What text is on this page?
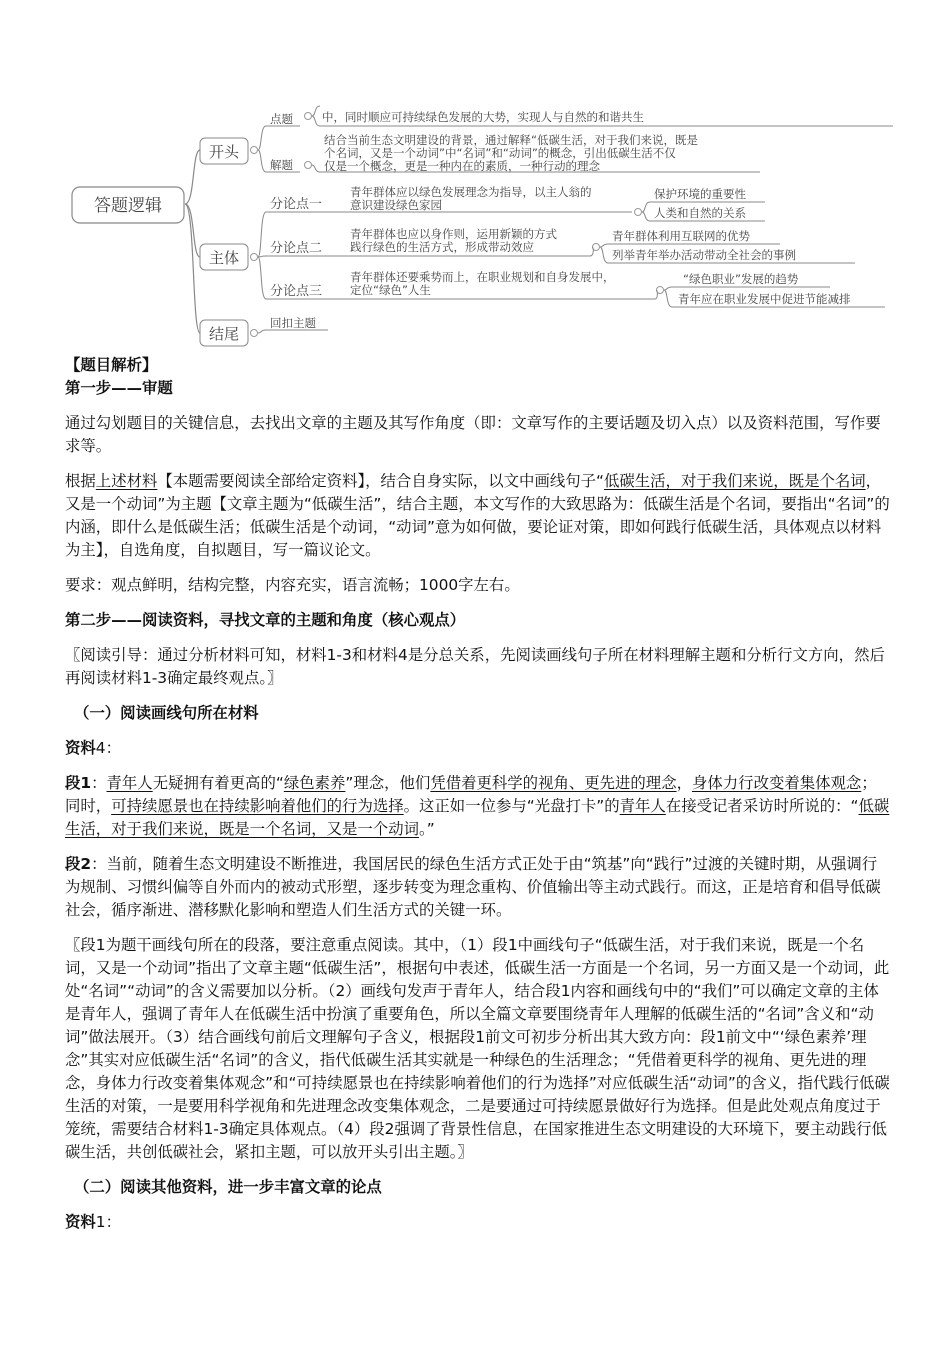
中，同时顺应可持续绿色发展的大势，实现人与自然的和谐共生
答题逻辑
开头
点题
解题
结合当前生态文明建设的背景，通过解释“低碳生活，对于我们来说，既是
个名词，又是一个动词”中“名词”和“动词”的概念，引出低碳生活不仅
仅是一个概念，更是一种内在的素质，一种行动的理念
主体
分论点一
青年群体应以绿色发展理念为指导，以主人翁的
意识建设绿色家园
保护环境的重要性
人类和自然的关系
分论点二
青年群体也应以身作则，运用新颖的方式
践行绿色的生活方式，形成带动效应
青年群体利用互联网的优势
列举青年举办活动带动全社会的事例
分论点三
青年群体还要乘势而上，在职业规划和自身发展中，
定位“绿色”人生
“绿色职业”发展的趋势
青年应在职业发展中促进节能减排
结尾
回扣主题

【题目解析】

第一步——审题

通过勾划题目的关键信息，去找出文章的主题及其写作角度（即：文章写作的主要话题及切入点）以及资料范围，写作要求等。

根据上述材料【本题需要阅读全部给定资料】，结合自身实际，以文中画线句子“低碳生活，对于我们来说，既是个名词，又是一个动词”为主题【文章主题为“低碳生活”，结合主题，本文写作的大致思路为：低碳生活是个名词，要指出“名词”的内涵，即什么是低碳生活；低碳生活是个动词，“动词”意为如何做，要论证对策，即如何践行低碳生活，具体观点以材料为主】，自选角度，自拟题目，写一篇议论文。

要求：观点鲜明，结构完整，内容充实，语言流畅；1000字左右。

第二步——阅读资料，寻找文章的主题和角度（核心观点）

〖阅读引导：通过分析材料可知，材料1-3和材料4是分总关系，先阅读画线句子所在材料理解主题和分析行文方向，然后再阅读材料1-3确定最终观点。〗

（一）阅读画线句所在材料

资料4：

段1：青年人无疑拥有着更高的“绿色素养”理念，他们凭借着更科学的视角、更先进的理念，身体力行改变着集体观念；同时，可持续愿景也在持续影响着他们的行为选择。这正如一位参与“光盘打卡”的青年人在接受记者采访时所说的：“低碳生活，对于我们来说，既是一个名词，又是一个动词。”

段2：当前，随着生态文明建设不断推进，我国居民的绿色生活方式正处于由“筑基”向“践行”过渡的关键时期，从强调行为规制、习惯纠偏等自外而内的被动式形塑，逐步转变为理念重构、价值输出等主动式践行。而这，正是培育和倡导低碳社会，循序渐进、潜移默化影响和塑造人们生活方式的关键一环。

〖段1为题干画线句所在的段落，要注意重点阅读。其中，（1）段1中画线句子“低碳生活，对于我们来说，既是一个名词，又是一个动词”指出了文章主题“低碳生活”，根据句中表述，低碳生活一方面是一个名词，另一方面又是一个动词，此处“名词”“动词”的含义需要加以分析。（2）画线句发声于青年人，结合段1内容和画线句中的“我们”可以确定文章的主体是青年人，强调了青年人在低碳生活中扮演了重要角色，所以全篇文章要围绕青年人理解的低碳生活的“名词”含义和“动词”做法展开。（3）结合画线句前后文理解句子含义，根据段1前文可初步分析出其大致方向：段1前文中“‘绿色素养’理念”其实对应低碳生活“名词”的含义，指代低碳生活其实就是一种绿色的生活理念；“凭借着更科学的视角、更先进的理念，身体力行改变着集体观念”和“可持续愿景也在持续影响着他们的行为选择”对应低碳生活“动词”的含义，指代践行低碳生活的对策，一是要用科学视角和先进理念改变集体观念，二是要通过可持续愿景做好行为选择。但是此处观点角度过于笼统，需要结合材料1-3确定具体观点。（4）段2强调了背景性信息，在国家推进生态文明建设的大环境下，要主动践行低碳生活，共创低碳社会，紧扣主题，可以放开头引出主题。〗

（二）阅读其他资料，进一步丰富文章的论点

资料1：
